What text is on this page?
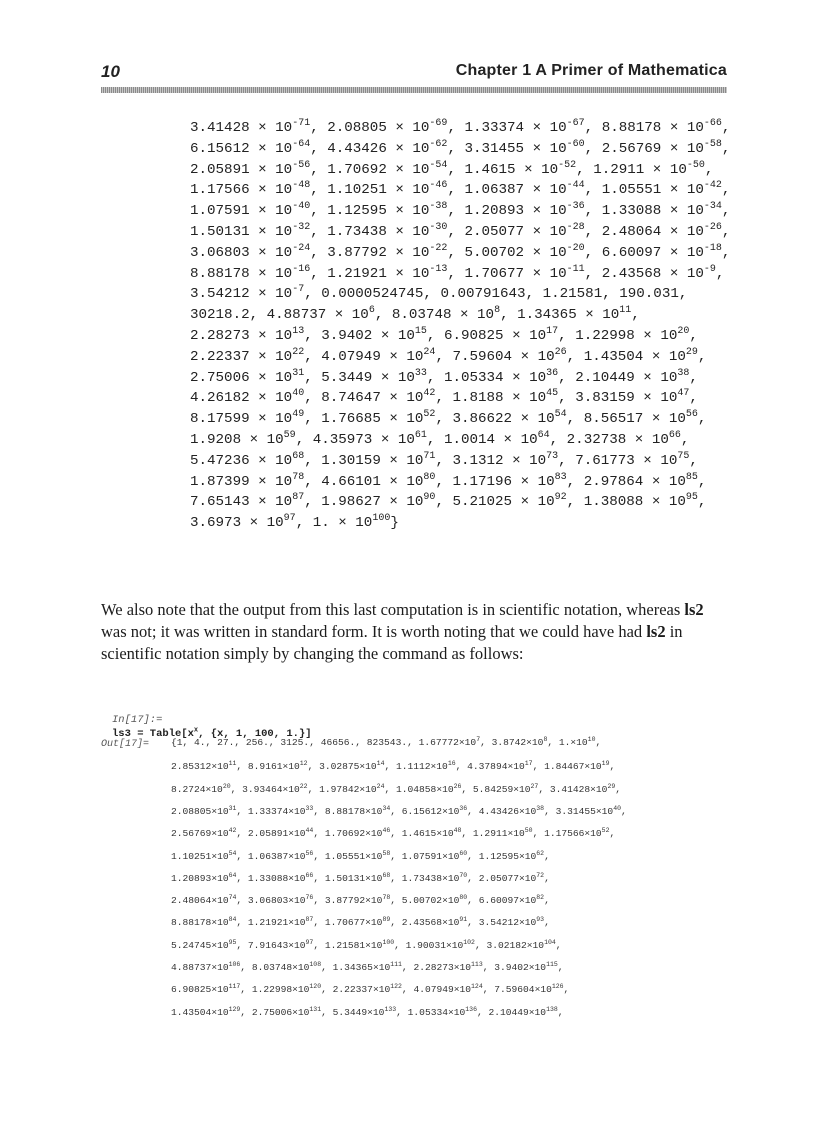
10	Chapter 1 A Primer of Mathematica
$3.41428 \times 10^{-71}$, $2.08805 \times 10^{-69}$, $1.33374 \times 10^{-67}$, $8.88178 \times 10^{-66}$,
$6.15612 \times 10^{-64}$, $4.43426 \times 10^{-62}$, $3.31455 \times 10^{-60}$, $2.56769 \times 10^{-58}$,
$2.05891 \times 10^{-56}$, $1.70692 \times 10^{-54}$, $1.4615 \times 10^{-52}$, $1.2911 \times 10^{-50}$,
$1.17566 \times 10^{-48}$, $1.10251 \times 10^{-46}$, $1.06387 \times 10^{-44}$, $1.05551 \times 10^{-42}$,
$1.07591 \times 10^{-40}$, $1.12595 \times 10^{-38}$, $1.20893 \times 10^{-36}$, $1.33088 \times 10^{-34}$,
$1.50131 \times 10^{-32}$, $1.73438 \times 10^{-30}$, $2.05077 \times 10^{-28}$, $2.48064 \times 10^{-26}$,
$3.06803 \times 10^{-24}$, $3.87792 \times 10^{-22}$, $5.00702 \times 10^{-20}$, $6.60097 \times 10^{-18}$,
$8.88178 \times 10^{-16}$, $1.21921 \times 10^{-13}$, $1.70677 \times 10^{-11}$, $2.43568 \times 10^{-9}$,
$3.54212 \times 10^{-7}$, 0.0000524745, 0.00791643, 1.21581, 190.031,
30218.2, $4.88737 \times 10^6$, $8.03748 \times 10^8$, $1.34365 \times 10^{11}$,
$2.28273 \times 10^{13}$, $3.9402 \times 10^{15}$, $6.90825 \times 10^{17}$, $1.22998 \times 10^{20}$,
$2.22337 \times 10^{22}$, $4.07949 \times 10^{24}$, $7.59604 \times 10^{26}$, $1.43504 \times 10^{29}$,
$2.75006 \times 10^{31}$, $5.3449 \times 10^{33}$, $1.05334 \times 10^{36}$, $2.10449 \times 10^{38}$,
$4.26182 \times 10^{40}$, $8.74647 \times 10^{42}$, $1.8188 \times 10^{45}$, $3.83159 \times 10^{47}$,
$8.17599 \times 10^{49}$, $1.76685 \times 10^{52}$, $3.86622 \times 10^{54}$, $8.56517 \times 10^{56}$,
$1.9208 \times 10^{59}$, $4.35973 \times 10^{61}$, $1.0014 \times 10^{64}$, $2.32738 \times 10^{66}$,
$5.47236 \times 10^{68}$, $1.30159 \times 10^{71}$, $3.1312 \times 10^{73}$, $7.61773 \times 10^{75}$,
$1.87399 \times 10^{78}$, $4.66101 \times 10^{80}$, $1.17196 \times 10^{83}$, $2.97864 \times 10^{85}$,
$7.65143 \times 10^{87}$, $1.98627 \times 10^{90}$, $5.21025 \times 10^{92}$, $1.38088 \times 10^{95}$,
$3.6973 \times 10^{97}$, 1. × $10^{100}$}

We also note that the output from this last computation is in scientific notation, whereas ls2 was not; it was written in standard form. It is worth noting that we could have had ls2 in scientific notation simply by changing the command as follows:

In[17]:=
$ls3 = Table[x^x$, {x, 1, 100, 1.}]

Out[17]= {1, 4., 27., 256., 3125., 46656., 823543., $1.67772\times 10^7$, $3.8742\times 10^8$, $1.\times 10^{10}$,
$2.85312\times 10^{11}$, $8.9161\times 10^{12}$, $3.02875\times 10^{14}$, $1.1112\times 10^{16}$, $4.37894\times 10^{17}$, $1.84467\times 10^{19}$,
$8.2724\times 10^{20}$, $3.93464\times 10^{22}$, $1.97842\times 10^{24}$, $1.04858\times 10^{26}$, $5.84259\times 10^{27}$, $3.41428\times 10^{29}$,
$2.08805\times 10^{31}$, $1.33374\times 10^{33}$, $8.88178\times 10^{34}$, $6.15612\times 10^{36}$, $4.43426\times 10^{38}$, $3.31455\times 10^{40}$,
$2.56769\times 10^{42}$, $2.05891\times 10^{44}$, $1.70692\times 10^{46}$, $1.4615\times 10^{48}$, $1.2911\times 10^{50}$, $1.17566\times 10^{52}$,
$1.10251\times 10^{54}$, $1.06387\times 10^{56}$, $1.05551\times 10^{58}$, $1.07591\times 10^{60}$, $1.12595\times 10^{62}$,
$1.20893\times 10^{64}$, $1.33088\times 10^{66}$, $1.50131\times 10^{68}$, $1.73438\times 10^{70}$, $2.05077\times 10^{72}$,
$2.48064\times 10^{74}$, $3.06803\times 10^{76}$, $3.87792\times 10^{78}$, $5.00702\times 10^{80}$, $6.60097\times 10^{82}$,
$8.88178\times 10^{84}$, $1.21921\times 10^{87}$, $1.70677\times 10^{89}$, $2.43568\times 10^{91}$, $3.54212\times 10^{93}$,
$5.24745\times 10^{95}$, $7.91643\times 10^{97}$, $1.21581\times 10^{100}$, $1.90031\times 10^{102}$, $3.02182\times 10^{104}$,
$4.88737\times 10^{106}$, $8.03748\times 10^{108}$, $1.34365\times 10^{111}$, $2.28273\times 10^{113}$, $3.9402\times 10^{115}$,
$6.90825\times 10^{117}$, $1.22998\times 10^{120}$, $2.22337\times 10^{122}$, $4.07949\times 10^{124}$, $7.59604\times 10^{126}$,
$1.43504\times 10^{129}$, $2.75006\times 10^{131}$, $5.3449\times 10^{133}$, $1.05334\times 10^{136}$, $2.10449\times 10^{138}$,
